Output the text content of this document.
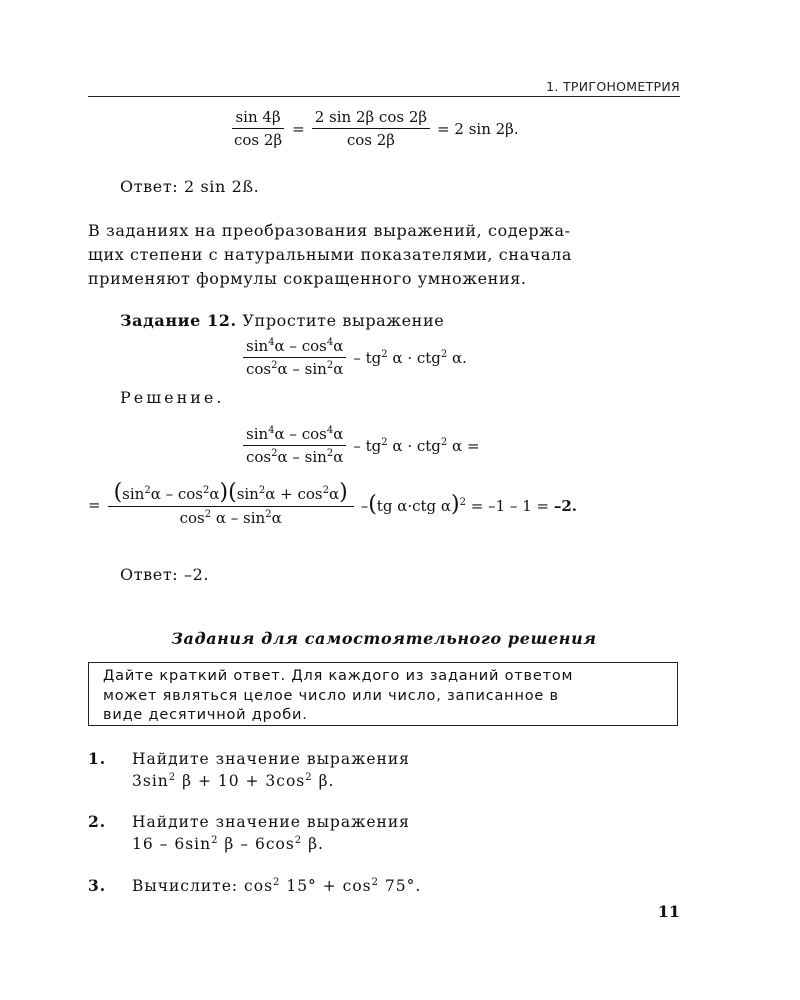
1. ТРИГОНОМЕТРИЯ
$\frac{\sin 4\beta}{\cos 2\beta} = \frac{\text{2 sin 2β cos 2β}}{\cos 2\beta} = 2$ sin 2β.
Ответ: 2 sin 2ß.
В заданиях на преобразования выражений, содержа-
щих степени с натуральными показателями, сначала
применяют формулы сокращенного умножения.
Задание 12. Упростите выражение
$\frac{\sin^4\alpha - \cos^4\alpha}{\cos^2\alpha - \sin^2\alpha} - tg^2$ α · ctg$^2$ α.
Решение.
$\frac{\sin^4\alpha - \cos^4\alpha}{\cos^2\alpha - \sin^2\alpha} - tg^2$ α · ctg$^2$ α =
= $\frac{(\sin^2\alpha - \cos^2\alpha)(\sin^2\alpha + \cos^2\alpha)}{\cos^2 \alpha - \sin^2\alpha} -(tg$ α·ctg α)$^2$ = –1 – 1 = –2.
Ответ: –2.
Задания для самостоятельного решения
Дайте краткий ответ. Для каждого из заданий ответом
может являться целое число или число, записанное в
виде десятичной дроби.
1. Найдите значение выражения
$3\sin^2$ $\beta + 10 + 3\cos^2$ β.
2. Найдите значение выражения
$16 - 6\sin^2$ β – $6\cos^2$ β.
3. Вычислите: $\cos^2 15^\circ + \cos^2 75^\circ$.
11
